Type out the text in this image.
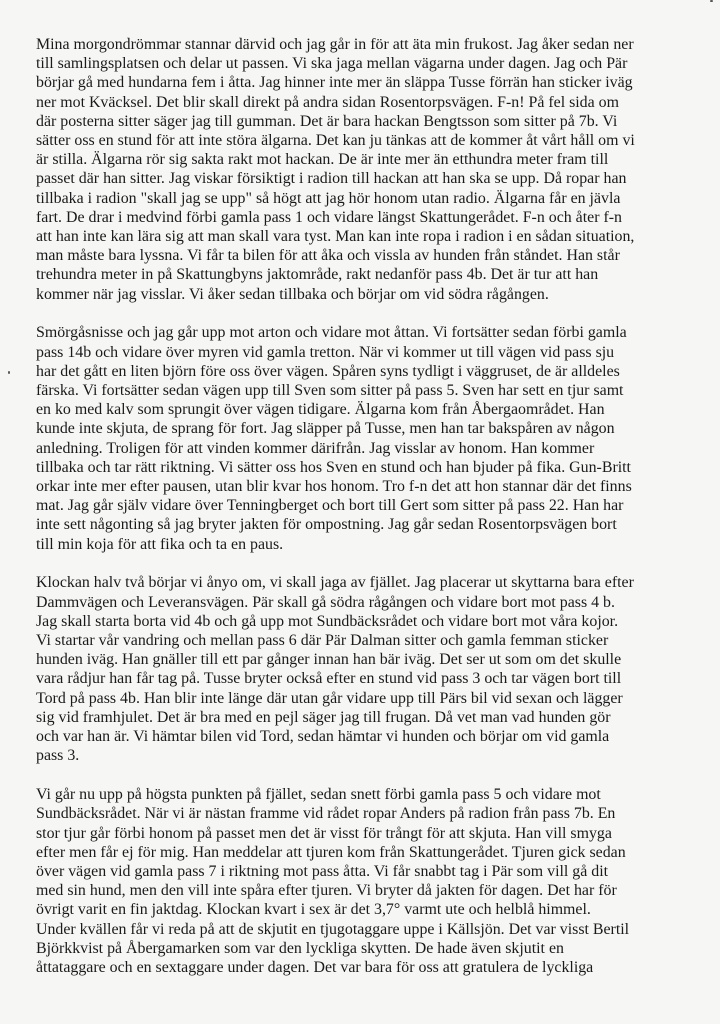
Mina morgondrömmar stannar därvid och jag går in för att äta min frukost. Jag åker sedan ner
till samlingsplatsen och delar ut passen. Vi ska jaga mellan vägarna under dagen. Jag och Pär
börjar gå med hundarna fem i åtta. Jag hinner inte mer än släppa Tusse förrän han sticker iväg
ner mot Kväcksel. Det blir skall direkt på andra sidan Rosentorpsvägen. F-n! På fel sida om
där posterna sitter säger jag till gumman. Det är bara hackan Bengtsson som sitter på 7b. Vi
sätter oss en stund för att inte störa älgarna. Det kan ju tänkas att de kommer åt vårt håll om vi
är stilla. Älgarna rör sig sakta rakt mot hackan. De är inte mer än etthundra meter fram till
passet där han sitter. Jag viskar försiktigt i radion till hackan att han ska se upp. Då ropar han
tillbaka i radion "skall jag se upp" så högt att jag hör honom utan radio. Älgarna får en jävla
fart. De drar i medvind förbi gamla pass 1 och vidare längst Skattungerådet. F-n och åter f-n
att han inte kan lära sig att man skall vara tyst. Man kan inte ropa i radion i en sådan situation,
man måste bara lyssna. Vi får ta bilen för att åka och vissla av hunden från ståndet. Han står
trehundra meter in på Skattungbyns jaktområde, rakt nedanför pass 4b. Det är tur att han
kommer när jag visslar. Vi åker sedan tillbaka och börjar om vid södra rågången.
Smörgåsnisse och jag går upp mot arton och vidare mot åttan. Vi fortsätter sedan förbi gamla
pass 14b och vidare över myren vid gamla tretton. När vi kommer ut till vägen vid pass sju
har det gått en liten björn före oss över vägen. Spåren syns tydligt i väggruset, de är alldeles
färska. Vi fortsätter sedan vägen upp till Sven som sitter på pass 5. Sven har sett en tjur samt
en ko med kalv som sprungit över vägen tidigare. Älgarna kom från Åbergaområdet. Han
kunde inte skjuta, de sprang för fort. Jag släpper på Tusse, men han tar bakspåren av någon
anledning. Troligen för att vinden kommer därifrån. Jag visslar av honom. Han kommer
tillbaka och tar rätt riktning. Vi sätter oss hos Sven en stund och han bjuder på fika. Gun-Britt
orkar inte mer efter pausen, utan blir kvar hos honom. Tro f-n det att hon stannar där det finns
mat. Jag går själv vidare över Tenningberget och bort till Gert som sitter på pass 22. Han har
inte sett någonting så jag bryter jakten för ompostning. Jag går sedan Rosentorpsvägen bort
till min koja för att fika och ta en paus.
Klockan halv två börjar vi ånyo om, vi skall jaga av fjället. Jag placerar ut skyttarna bara efter
Dammvägen och Leveransvägen. Pär skall gå södra rågången och vidare bort mot pass 4 b.
Jag skall starta borta vid 4b och gå upp mot Sundbäcksrådet och vidare bort mot våra kojor.
Vi startar vår vandring och mellan pass 6 där Pär Dalman sitter och gamla femman sticker
hunden iväg. Han gnäller till ett par gånger innan han bär iväg. Det ser ut som om det skulle
vara rådjur han får tag på. Tusse bryter också efter en stund vid pass 3 och tar vägen bort till
Tord på pass 4b. Han blir inte länge där utan går vidare upp till Pärs bil vid sexan och lägger
sig vid framhjulet. Det är bra med en pejl säger jag till frugan. Då vet man vad hunden gör
och var han är. Vi hämtar bilen vid Tord, sedan hämtar vi hunden och börjar om vid gamla
pass 3.
Vi går nu upp på högsta punkten på fjället, sedan snett förbi gamla pass 5 och vidare mot
Sundbäcksrådet. När vi är nästan framme vid rådet ropar Anders på radion från pass 7b. En
stor tjur går förbi honom på passet men det är visst för trångt för att skjuta. Han vill smyga
efter men får ej för mig. Han meddelar att tjuren kom från Skattungerådet. Tjuren gick sedan
över vägen vid gamla pass 7 i riktning mot pass åtta. Vi får snabbt tag i Pär som vill gå dit
med sin hund, men den vill inte spåra efter tjuren. Vi bryter då jakten för dagen. Det har för
övrigt varit en fin jaktdag. Klockan kvart i sex är det 3,7° varmt ute och helblå himmel.
Under kvällen får vi reda på att de skjutit en tjugotaggare uppe i Källsjön. Det var visst Bertil
Björkkvist på Åbergamarken som var den lyckliga skytten. De hade även skjutit en
åttataggare och en sextaggare under dagen. Det var bara för oss att gratulera de lyckliga
